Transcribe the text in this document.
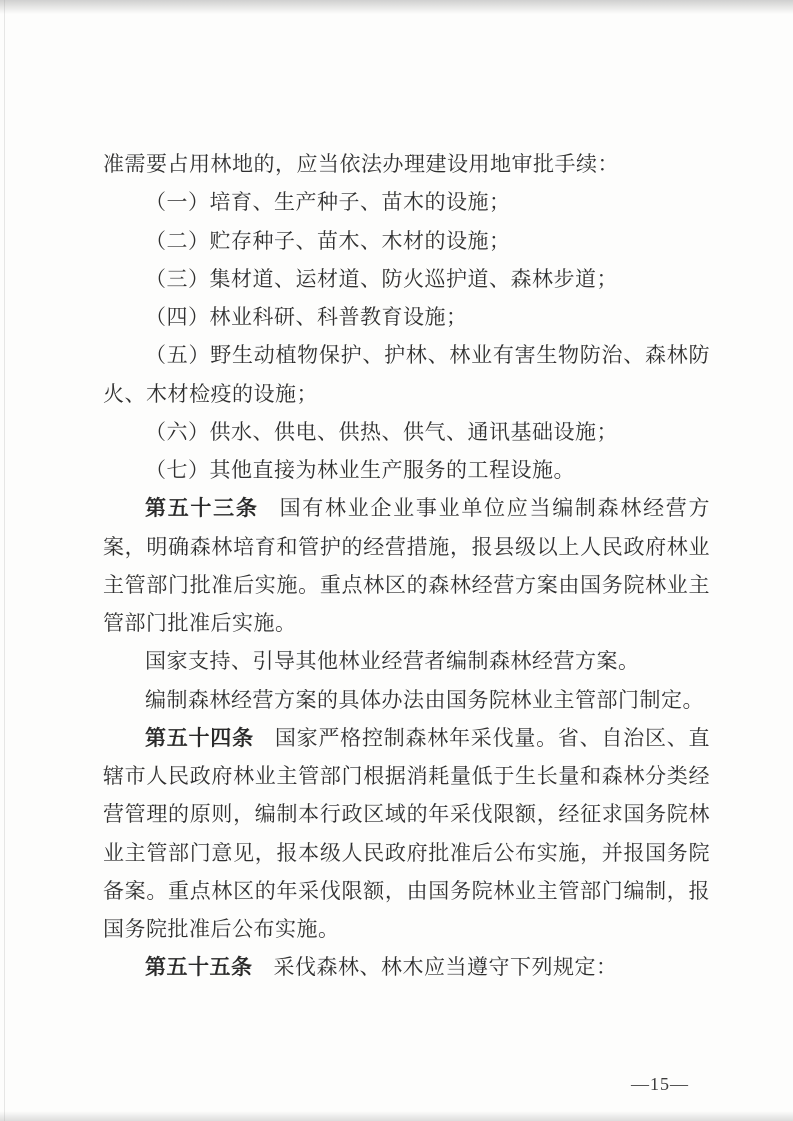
准需要占用林地的，应当依法办理建设用地审批手续：

（一）培育、生产种子、苗木的设施；

（二）贮存种子、苗木、木材的设施；

（三）集材道、运材道、防火巡护道、森林步道；

（四）林业科研、科普教育设施；

（五）野生动植物保护、护林、林业有害生物防治、森林防火、木材检疫的设施；

（六）供水、供电、供热、供气、通讯基础设施；

（七）其他直接为林业生产服务的工程设施。

第五十三条 国有林业企业事业单位应当编制森林经营方案，明确森林培育和管护的经营措施，报县级以上人民政府林业主管部门批准后实施。重点林区的森林经营方案由国务院林业主管部门批准后实施。

国家支持、引导其他林业经营者编制森林经营方案。

编制森林经营方案的具体办法由国务院林业主管部门制定。

第五十四条 国家严格控制森林年采伐量。省、自治区、直辖市人民政府林业主管部门根据消耗量低于生长量和森林分类经营管理的原则，编制本行政区域的年采伐限额，经征求国务院林业主管部门意见，报本级人民政府批准后公布实施，并报国务院备案。重点林区的年采伐限额，由国务院林业主管部门编制，报国务院批准后公布实施。

第五十五条 采伐森林、林木应当遵守下列规定：

—15—
